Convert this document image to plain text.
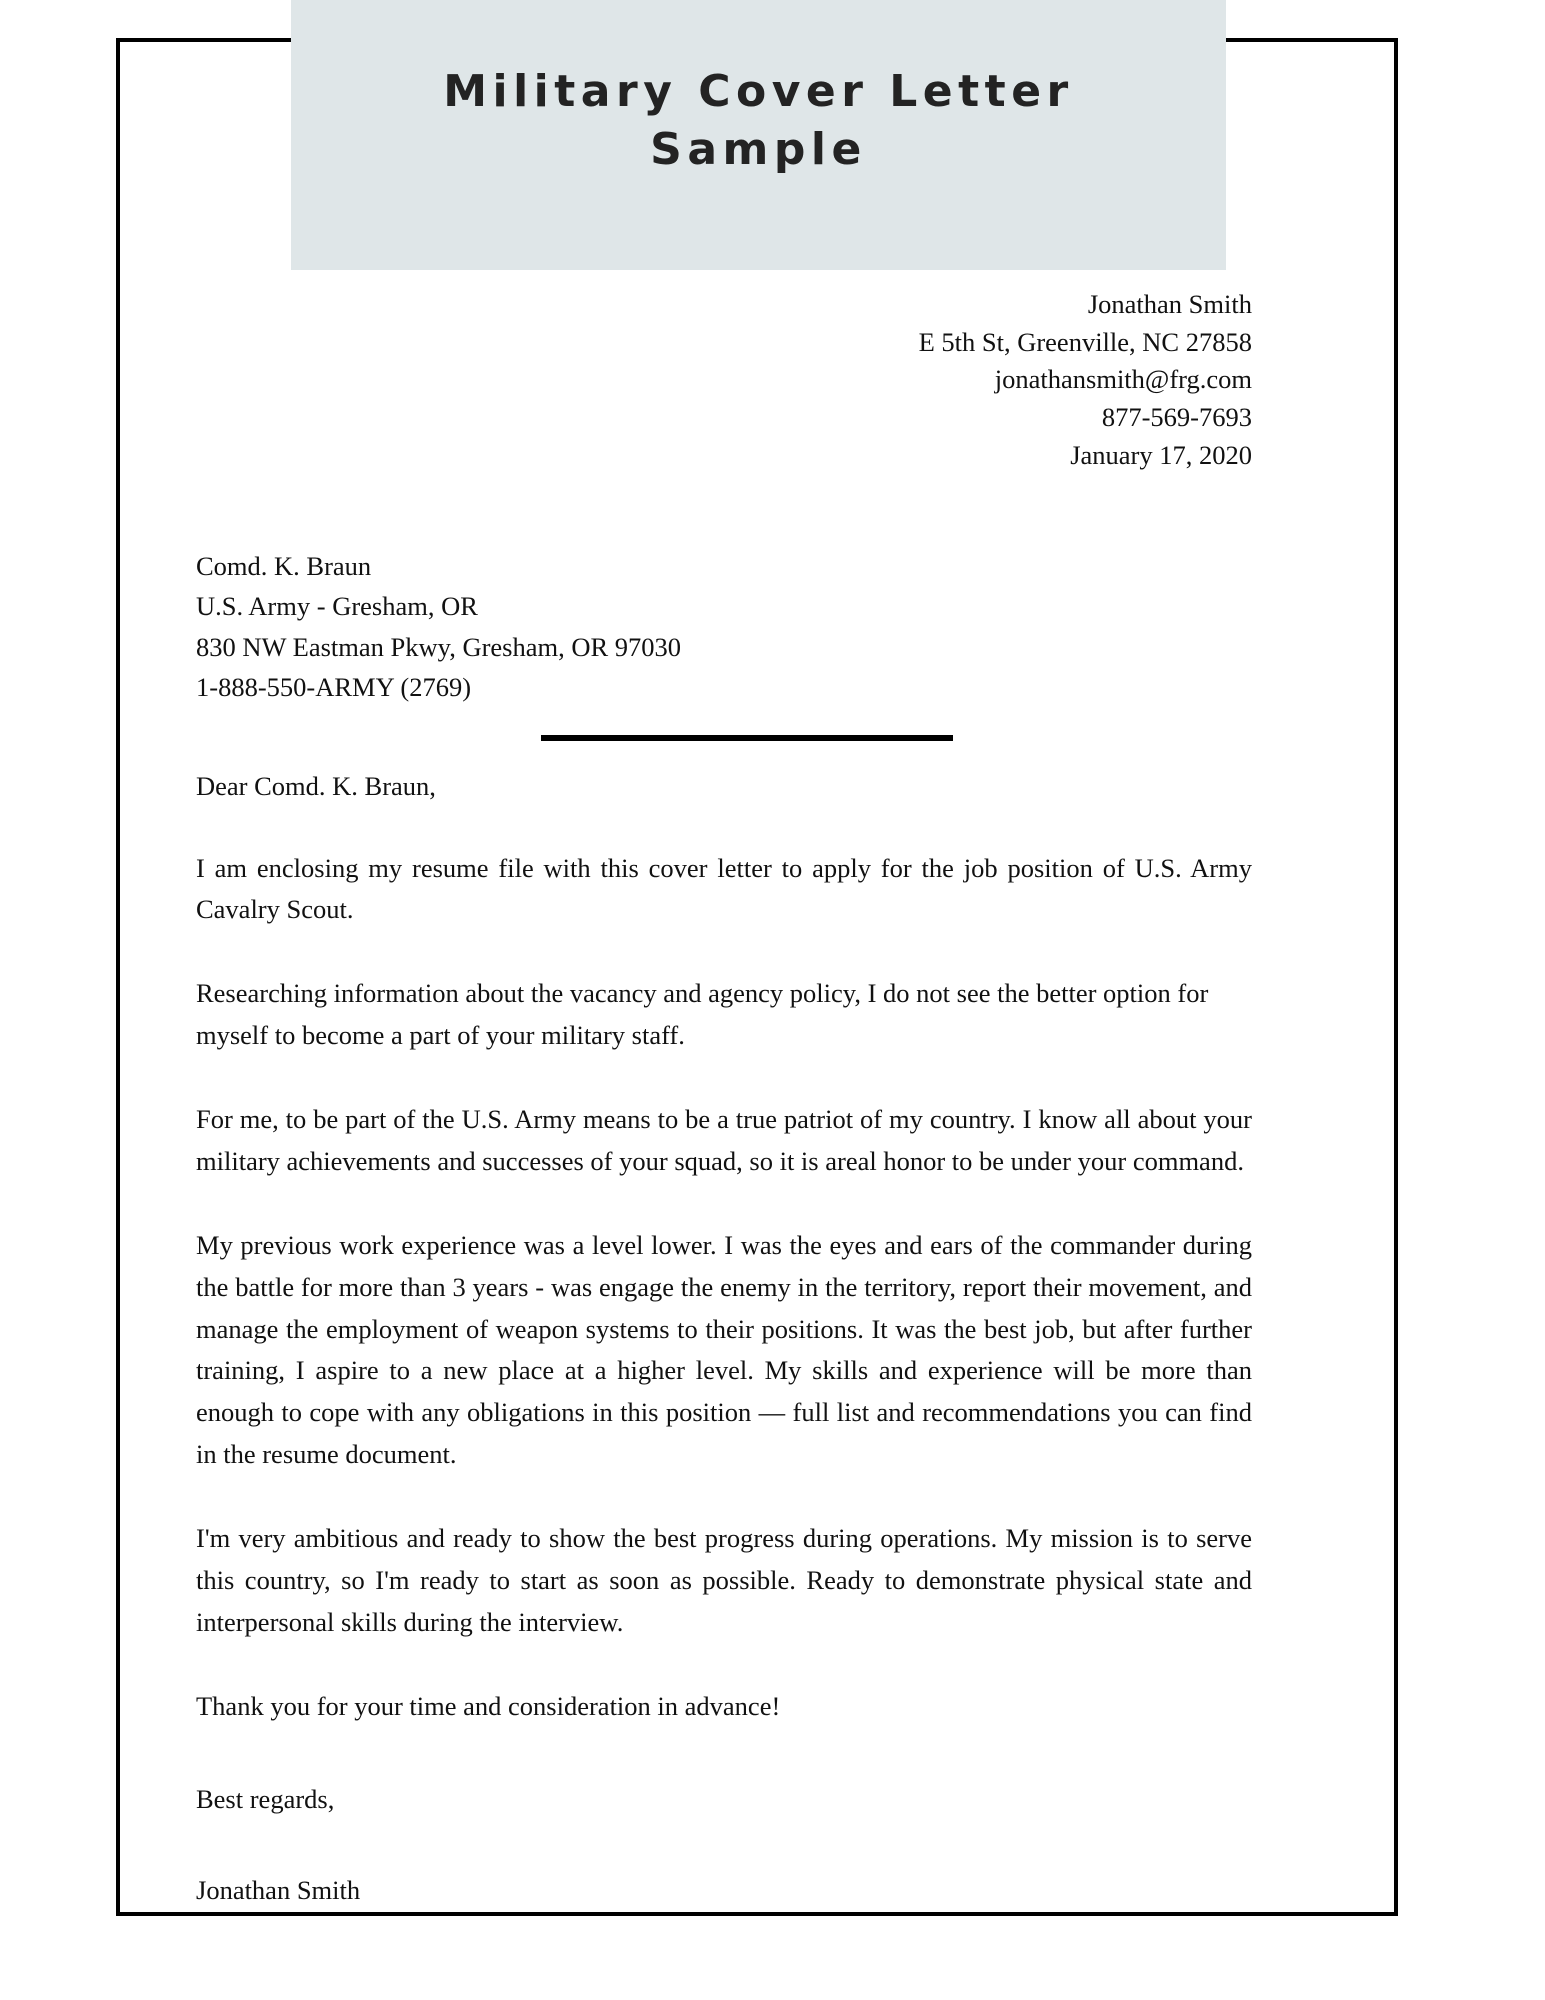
Military Cover Letter Sample
Jonathan Smith
E 5th St, Greenville, NC 27858
jonathansmith@frg.com
877-569-7693
January 17, 2020
Comd. K. Braun
U.S. Army - Gresham, OR
830 NW Eastman Pkwy, Gresham, OR 97030
1-888-550-ARMY (2769)

Dear Comd. K. Braun,

I am enclosing my resume file with this cover letter to apply for the job position of U.S. Army Cavalry Scout.

Researching information about the vacancy and agency policy, I do not see the better option for myself to become a part of your military staff.

For me, to be part of the U.S. Army means to be a true patriot of my country. I know all about your military achievements and successes of your squad, so it is areal honor to be under your command.

My previous work experience was a level lower. I was the eyes and ears of the commander during the battle for more than 3 years - was engage the enemy in the territory, report their movement, and manage the employment of weapon systems to their positions. It was the best job, but after further training, I aspire to a new place at a higher level. My skills and experience will be more than enough to cope with any obligations in this position — full list and recommendations you can find in the resume document.

I'm very ambitious and ready to show the best progress during operations. My mission is to serve this country, so I'm ready to start as soon as possible. Ready to demonstrate physical state and interpersonal skills during the interview.

Thank you for your time and consideration in advance!

Best regards,

Jonathan Smith
